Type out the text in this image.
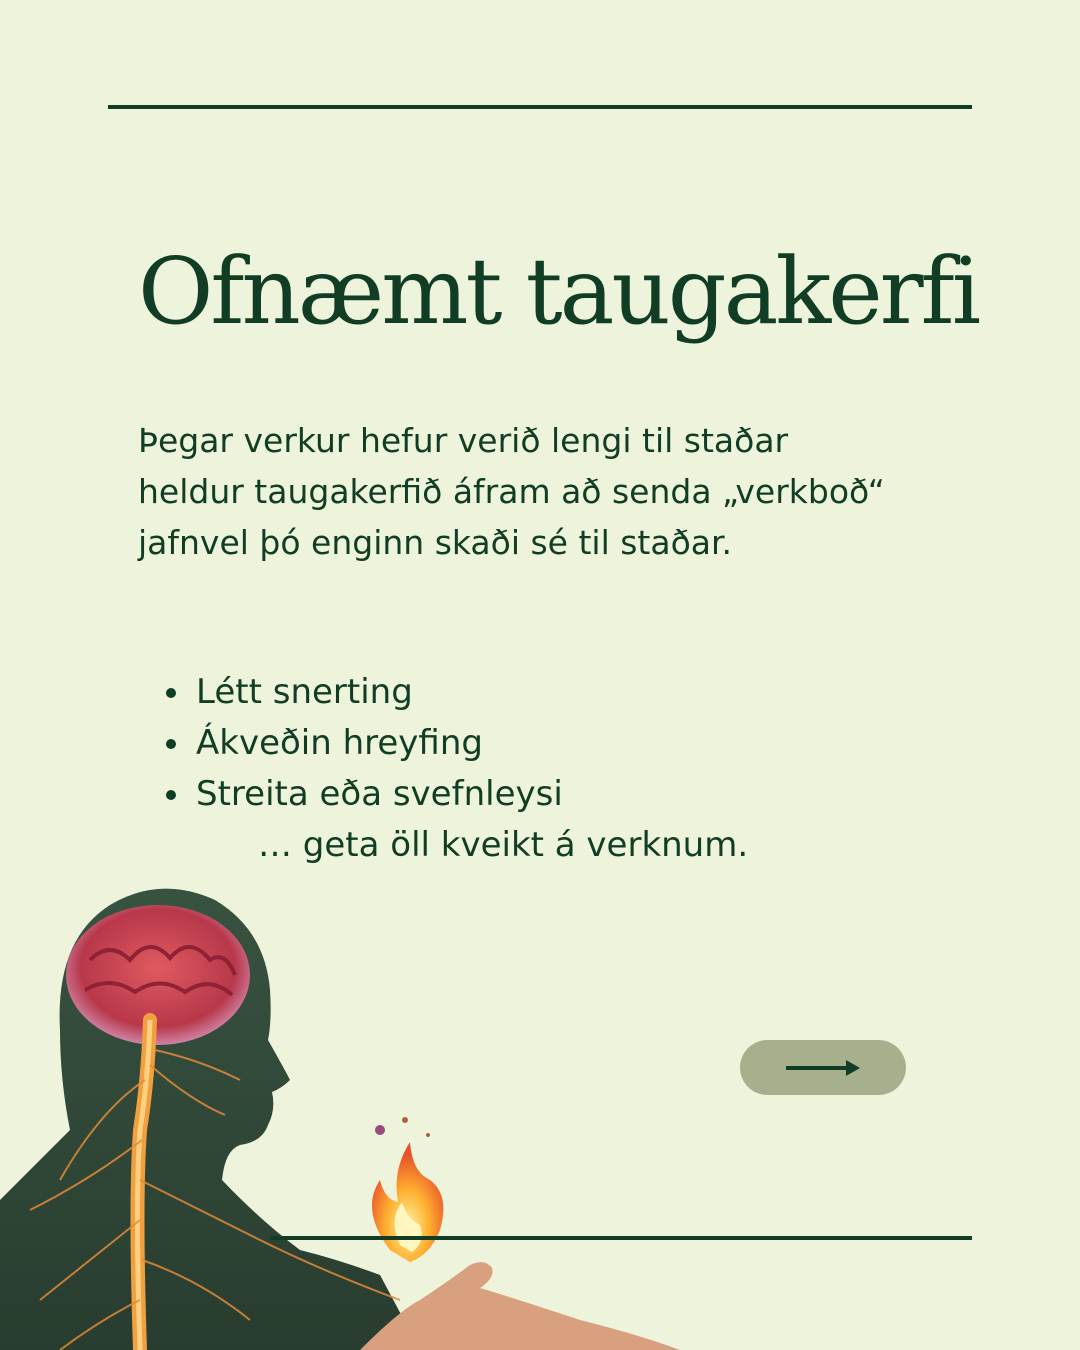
Ofnæmt taugakerfi

Þegar verkur hefur verið lengi til staðar
heldur taugakerfið áfram að senda „verkboð“
jafnvel þó enginn skaði sé til staðar.

Létt snerting
Ákveðin hreyfing
Streita eða svefnleysi

… geta öll kveikt á verknum.
